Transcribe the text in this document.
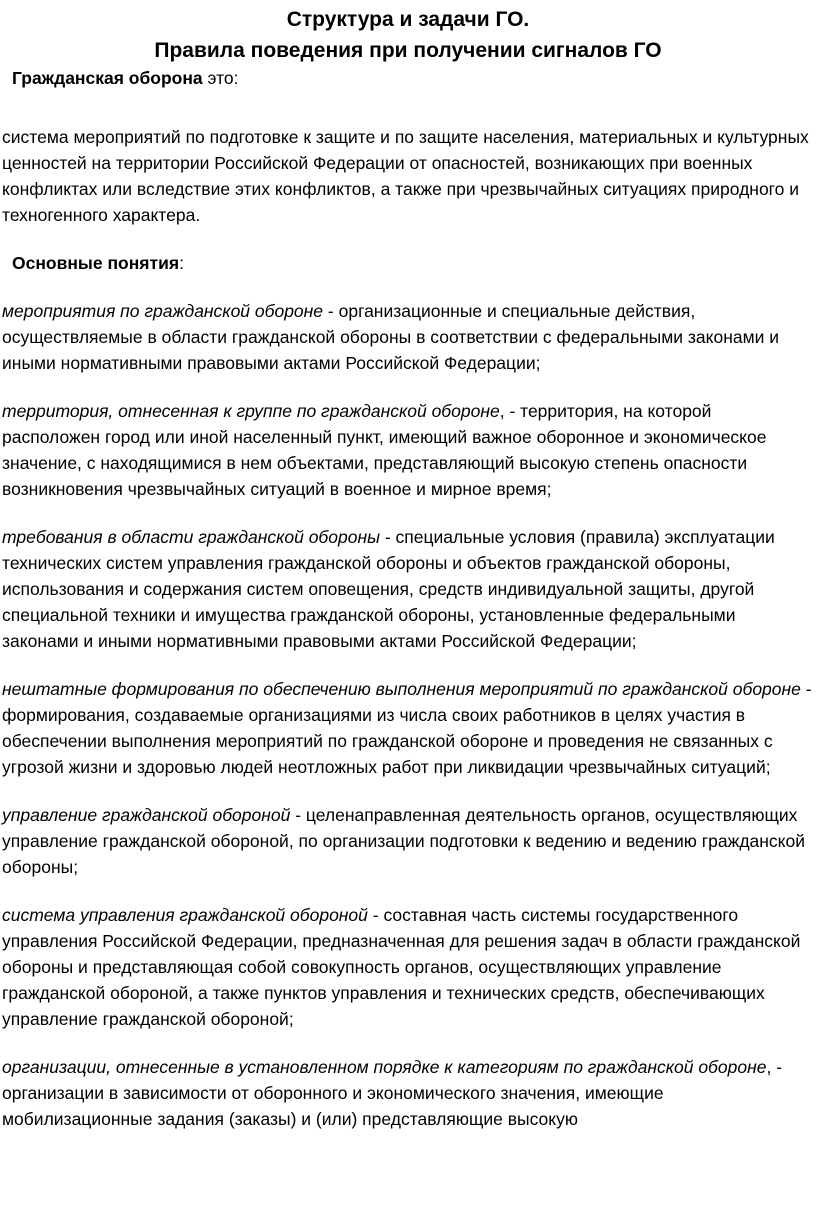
Структура и задачи ГО.
Правила поведения при получении сигналов ГО

Гражданская оборона это:

система мероприятий по подготовке к защите и по защите населения, материальных и культурных ценностей на территории Российской Федерации от опасностей, возникающих при военных конфликтах или вследствие этих конфликтов, а также при чрезвычайных ситуациях природного и техногенного характера.

Основные понятия:

мероприятия по гражданской обороне - организационные и специальные действия, осуществляемые в области гражданской обороны в соответствии с федеральными законами и иными нормативными правовыми актами Российской Федерации;

территория, отнесенная к группе по гражданской обороне, - территория, на которой расположен город или иной населенный пункт, имеющий важное оборонное и экономическое значение, с находящимися в нем объектами, представляющий высокую степень опасности возникновения чрезвычайных ситуаций в военное и мирное время;

требования в области гражданской обороны - специальные условия (правила) эксплуатации технических систем управления гражданской обороны и объектов гражданской обороны, использования и содержания систем оповещения, средств индивидуальной защиты, другой специальной техники и имущества гражданской обороны, установленные федеральными законами и иными нормативными правовыми актами Российской Федерации;

нештатные формирования по обеспечению выполнения мероприятий по гражданской обороне - формирования, создаваемые организациями из числа своих работников в целях участия в обеспечении выполнения мероприятий по гражданской обороне и проведения не связанных с угрозой жизни и здоровью людей неотложных работ при ликвидации чрезвычайных ситуаций;

управление гражданской обороной - целенаправленная деятельность органов, осуществляющих управление гражданской обороной, по организации подготовки к ведению и ведению гражданской обороны;

система управления гражданской обороной - составная часть системы государственного управления Российской Федерации, предназначенная для решения задач в области гражданской обороны и представляющая собой совокупность органов, осуществляющих управление гражданской обороной, а также пунктов управления и технических средств, обеспечивающих управление гражданской обороной;

организации, отнесенные в установленном порядке к категориям по гражданской обороне, - организации в зависимости от оборонного и экономического значения, имеющие мобилизационные задания (заказы) и (или) представляющие высокую
